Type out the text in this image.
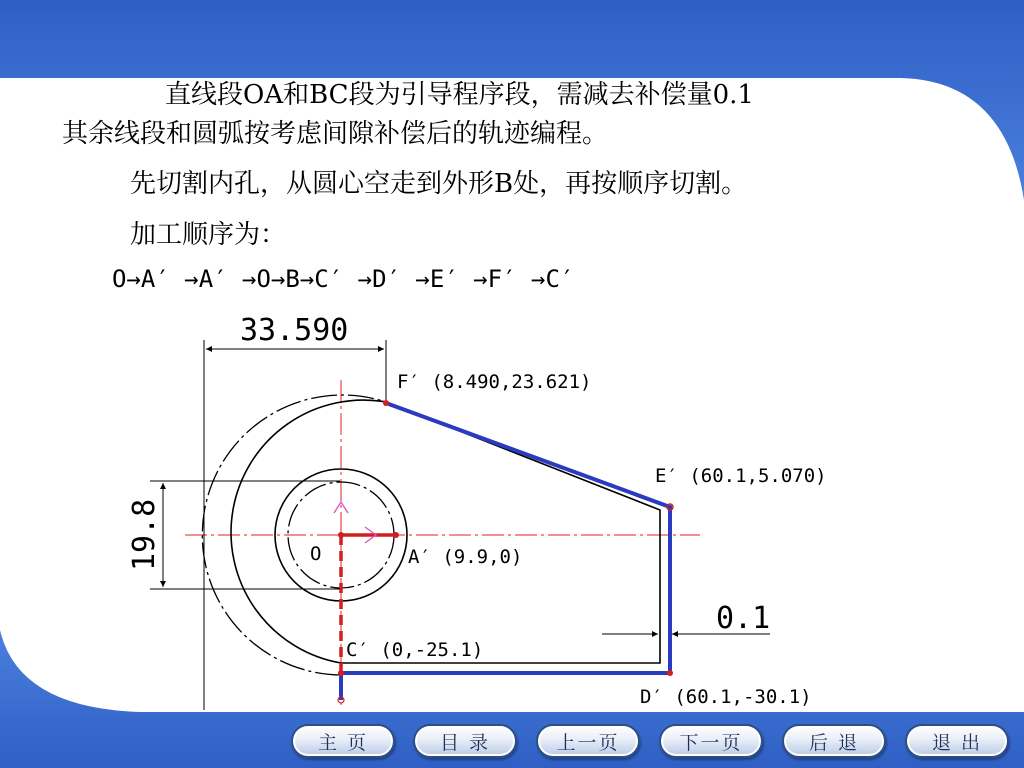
直线段OA和BC段为引导程序段，需减去补偿量0.1
其余线段和圆弧按考虑间隙补偿后的轨迹编程。
先切割内孔，从圆心空走到外形B处，再按顺序切割。
加工顺序为：
O→A′ →A′ →O→B→C′ →D′ →E′ →F′ →C′
33.590
19.8
0.1
F′ (8.490,23.621)
E′ (60.1,5.070)
O	A′ (9.9,0)
C′ (0,-25.1)
D′ (60.1,-30.1)
主 页	目 录	上一页	下一页	后 退	退 出
